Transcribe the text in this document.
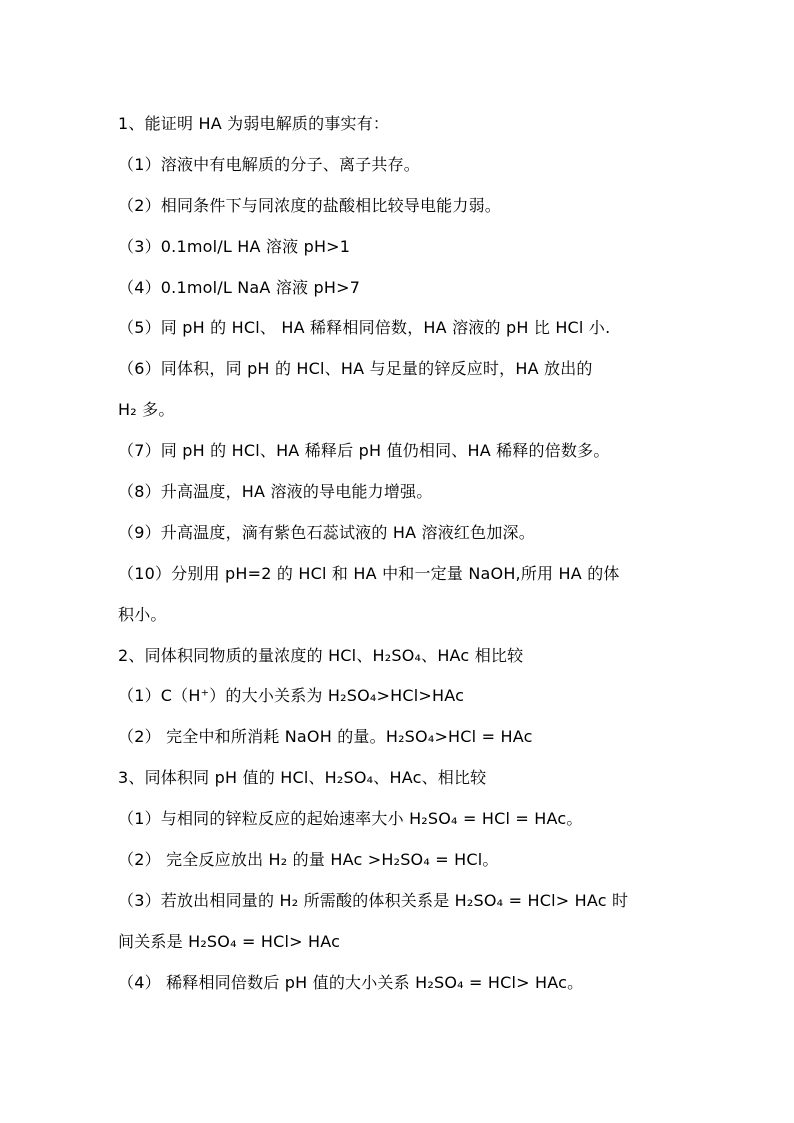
1、能证明 HA 为弱电解质的事实有：
（1）溶液中有电解质的分子、离子共存。
（2）相同条件下与同浓度的盐酸相比较导电能力弱。
（3）0.1mol/L HA 溶液 pH>1
（4）0.1mol/L NaA 溶液 pH>7
（5）同 pH 的 HCl、 HA 稀释相同倍数，HA 溶液的 pH 比 HCl 小.
（6）同体积，同 pH 的 HCl、HA 与足量的锌反应时，HA 放出的
H₂ 多。
（7）同 pH 的 HCl、HA 稀释后 pH 值仍相同、HA 稀释的倍数多。
（8）升高温度，HA 溶液的导电能力增强。
（9）升高温度，滴有紫色石蕊试液的 HA 溶液红色加深。
（10）分别用 pH=2 的 HCl 和 HA 中和一定量 NaOH,所用 HA 的体
积小。
2、同体积同物质的量浓度的 HCl、H₂SO₄、HAc 相比较
（1）C（H⁺）的大小关系为 H₂SO₄>HCl>HAc
（2） 完全中和所消耗 NaOH 的量。H₂SO₄>HCl = HAc
3、同体积同 pH 值的 HCl、H₂SO₄、HAc、相比较
（1）与相同的锌粒反应的起始速率大小 H₂SO₄ = HCl = HAc。
（2） 完全反应放出 H₂ 的量 HAc >H₂SO₄ = HCl。
（3）若放出相同量的 H₂ 所需酸的体积关系是 H₂SO₄ = HCl> HAc 时
间关系是 H₂SO₄ = HCl> HAc
（4） 稀释相同倍数后 pH 值的大小关系 H₂SO₄ = HCl> HAc。
